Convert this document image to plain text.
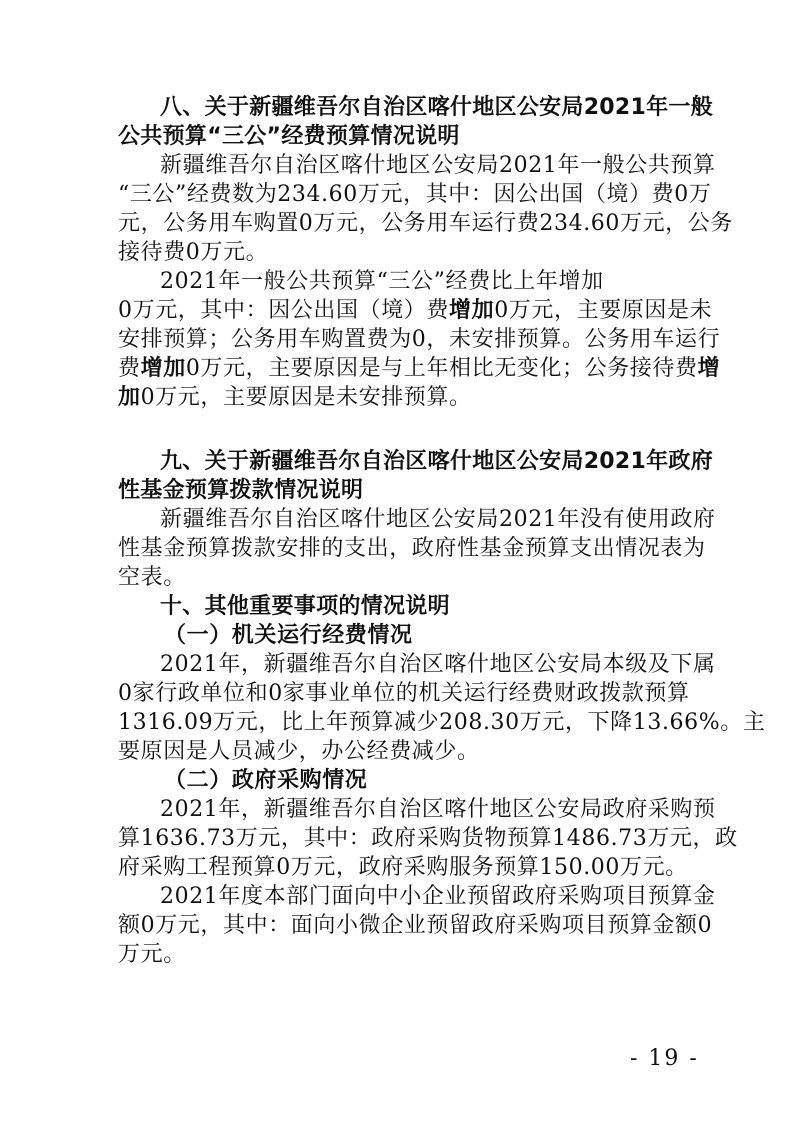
八、关于新疆维吾尔自治区喀什地区公安局2021年一般
公共预算“三公”经费预算情况说明
新疆维吾尔自治区喀什地区公安局2021年一般公共预算
“三公”经费数为234.60万元，其中：因公出国（境）费0万
元，公务用车购置0万元，公务用车运行费234.60万元，公务
接待费0万元。
2021年一般公共预算“三公”经费比上年增加
0万元，其中：因公出国（境）费增加0万元，主要原因是未
安排预算；公务用车购置费为0，未安排预算。公务用车运行
费增加0万元，主要原因是与上年相比无变化；公务接待费增
加0万元，主要原因是未安排预算。
九、关于新疆维吾尔自治区喀什地区公安局2021年政府
性基金预算拨款情况说明
新疆维吾尔自治区喀什地区公安局2021年没有使用政府
性基金预算拨款安排的支出，政府性基金预算支出情况表为
空表。
十、其他重要事项的情况说明
（一）机关运行经费情况
2021年，新疆维吾尔自治区喀什地区公安局本级及下属
0家行政单位和0家事业单位的机关运行经费财政拨款预算
1316.09万元，比上年预算减少208.30万元，下降13.66%。主
要原因是人员减少，办公经费减少。
（二）政府采购情况
2021年，新疆维吾尔自治区喀什地区公安局政府采购预
算1636.73万元，其中：政府采购货物预算1486.73万元，政
府采购工程预算0万元，政府采购服务预算150.00万元。
2021年度本部门面向中小企业预留政府采购项目预算金
额0万元，其中：面向小微企业预留政府采购项目预算金额0
万元。
- 19 -
